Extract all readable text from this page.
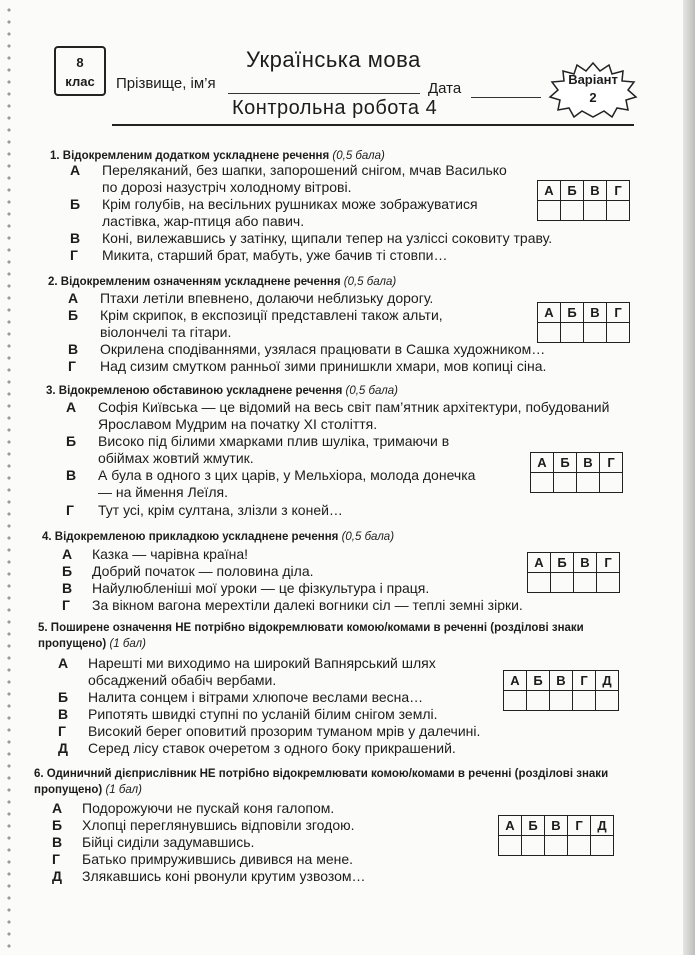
8
клас
Українська мова
Прізвище, ім’я	Дата
Контрольна робота 4
Варіант
2
1. Відокремленим додатком ускладнене речення (0,5 бала)
А Переляканий, без шапки, запорошений снігом, мчав Василько по дорозі назустріч холодному вітрові.
Б Крім голубів, на весільних рушниках може зображуватися ластівка, жар-птиця або павич.
В Коні, вилежавшись у затінку, щипали тепер на узліссі соковиту траву.
Г Микита, старший брат, мабуть, уже бачив ті стовпи…
А	Б	В	Г

2. Відокремленим означенням ускладнене речення (0,5 бала)
А Птахи летіли впевнено, долаючи неблизьку дорогу.
Б Крім скрипок, в експозиції представлені також альти, віолончелі та гітари.
В Окрилена сподіваннями, узялася працювати в Сашка художником…
Г Над сизим смутком ранньої зими принишкли хмари, мов копиці сіна.
А	Б	В	Г

3. Відокремленою обставиною ускладнене речення (0,5 бала)
А Софія Київська — це відомий на весь світ пам’ятник архітектури, побудований Ярославом Мудрим на початку ХІ століття.
Б Високо під білими хмарками плив шуліка, тримаючи в обіймах жовтий жмутик.
В А була в одного з цих царів, у Мельхіора, молода донечка — на ймення Леїля.
Г Тут усі, крім султана, злізли з коней…
А	Б	В	Г

4. Відокремленою прикладкою ускладнене речення (0,5 бала)
А Казка — чарівна країна!
Б Добрий початок — половина діла.
В Найулюбленіші мої уроки — це фізкультура і праця.
Г За вікном вагона мерехтіли далекі вогники сіл — теплі земні зірки.
А	Б	В	Г

5. Поширене означення НЕ потрібно відокремлювати комою/комами в реченні (розділові знаки пропущено) (1 бал)
А Нарешті ми виходимо на широкий Вапнярський шлях обсаджений обабіч вербами.
Б Налита сонцем і вітрами хлюпоче веслами весна…
В Рипотять швидкі ступні по усланій білим снігом землі.
Г Високий берег оповитий прозорим туманом мрів у далечині.
Д Серед лісу ставок очеретом з одного боку прикрашений.
А	Б	В	Г	Д

6. Одиничний дієприслівник НЕ потрібно відокремлювати комою/комами в реченні (розділові знаки пропущено) (1 бал)
А Подорожуючи не пускай коня галопом.
Б Хлопці переглянувшись відповіли згодою.
В Бійці сиділи задумавшись.
Г Батько примружившись дивився на мене.
Д Злякавшись коні рвонули крутим узвозом…
А	Б	В	Г	Д
